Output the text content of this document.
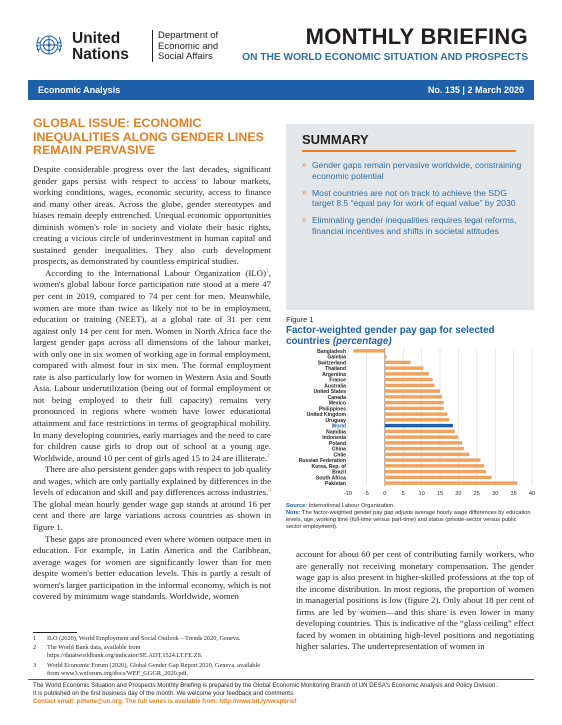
United
Nations
Department of
Economic and
Social Affairs
MONTHLY BRIEFING
ON THE WORLD ECONOMIC SITUATION AND PROSPECTS
Economic Analysis	No. 135 | 2 March 2020
GLOBAL ISSUE: ECONOMIC
INEQUALITIES ALONG GENDER LINES
REMAIN PERVASIVE

Despite considerable progress over the last decades, significant gender gaps persist with respect to access to labour markets, working conditions, wages, economic security, access to finance and many other areas. Across the globe, gender stereotypes and biases remain deeply entrenched. Unequal economic opportunities diminish women's role in society and violate their basic rights, creating a vicious circle of underinvestment in human capital and sustained gender inequalities. They also curb development prospects, as demonstrated by countless empirical studies.

According to the International Labour Organization (ILO)$^1$, women's global labour force participation rate stood at a mere 47 per cent in 2019, compared to 74 per cent for men. Meanwhile, women are more than twice as likely not to be in employment, education or training (NEET), at a global rate of 31 per cent against only 14 per cent for men. Women in North Africa face the largest gender gaps across all dimensions of the labour market, with only one in six women of working age in formal employment, compared with almost four in six men. The formal employment rate is also particularly low for women in Western Asia and South Asia. Labour underutilization (being out of formal employment or not being employed to their full capacity) remains very pronounced in regions where women have lower educational attainment and face restrictions in terms of geographical mobility. In many developing countries, early marriages and the need to care for children cause girls to drop out of school at a young age. Worldwide, around 10 per cent of girls aged 15 to 24 are illiterate.$^2$

There are also persistent gender gaps with respect to job quality and wages, which are only partially explained by differences in the levels of education and skill and pay differences across industries.$^3$ The global mean hourly gender wage gap stands at around 16 per cent and there are large variations across countries as shown in figure 1.

These gaps are pronounced even where women outpace men in education. For example, in Latin America and the Caribbean, average wages for women are significantly lower than for men despite women's better education levels. This is partly a result of women's larger participation in the informal economy, which is not covered by minimum wage standards. Worldwide, women

SUMMARY
» Gender gaps remain pervasive worldwide, constraining economic potential
» Most countries are not on track to achieve the SDG target 8.5 “equal pay for work of equal value” by 2030
» Eliminating gender inequalities requires legal reforms, financial incentives and shifts in societal attitudes
Figure 1
Factor-weighted gender pay gap for selected countries (percentage)
Bangladesh
Gambia
Switzerland
Thailand
Argentina
France
Australia
United States
Canada
Mexico
Philippines
United Kingdom
Uruguay
World
Namibia
Indonesia
Poland
China
Chile
Russian Federation
Korea, Rep. of
Brazil
South Africa
Pakistan
-10 -5	0	5 10 15 20 25 30 35 40
Source: International Labour Organization.
Note: The factor-weighted gender pay gap adjusts average hourly wage differences by education levels, age, working time (full-time versus part-time) and status (private-sector versus public sector employment).

account for about 60 per cent of contributing family workers, who are generally not receiving monetary compensation. The gender wage gap is also present in higher-skilled professions at the top of the income distribution. In most regions, the proportion of women in managerial positions is low (figure 2). Only about 18 per cent of firms are led by women—and this share is even lower in many developing countries. This is indicative of the “glass ceiling” effect faced by women in obtaining high-level positions and negotiating higher salaries. The underrepresentation of women in

1 ILO (2020), World Employment and Social Outlook – Trends 2020, Geneva.
2 The World Bank data, available from https://datatworldbank.org/indicator/SE.ADT.1524.LT.FE.ZS.
3 World Economic Forum (2020), Global Gender Gap Report 2020, Geneva, available from www3.weforum.org/docs/WEF_GGGR_2020.pdf.
The World Economic Situation and Prospects Monthly Briefing is prepared by the Global Economic Monitoring Branch of UN DESA's Economic Analysis and Policy Division.
It is published on the first business day of the month. We welcome your feedback and comments.
Contact email: pitterle@un.org. The full series is available from: http://www.bit.ly/wespbrief
